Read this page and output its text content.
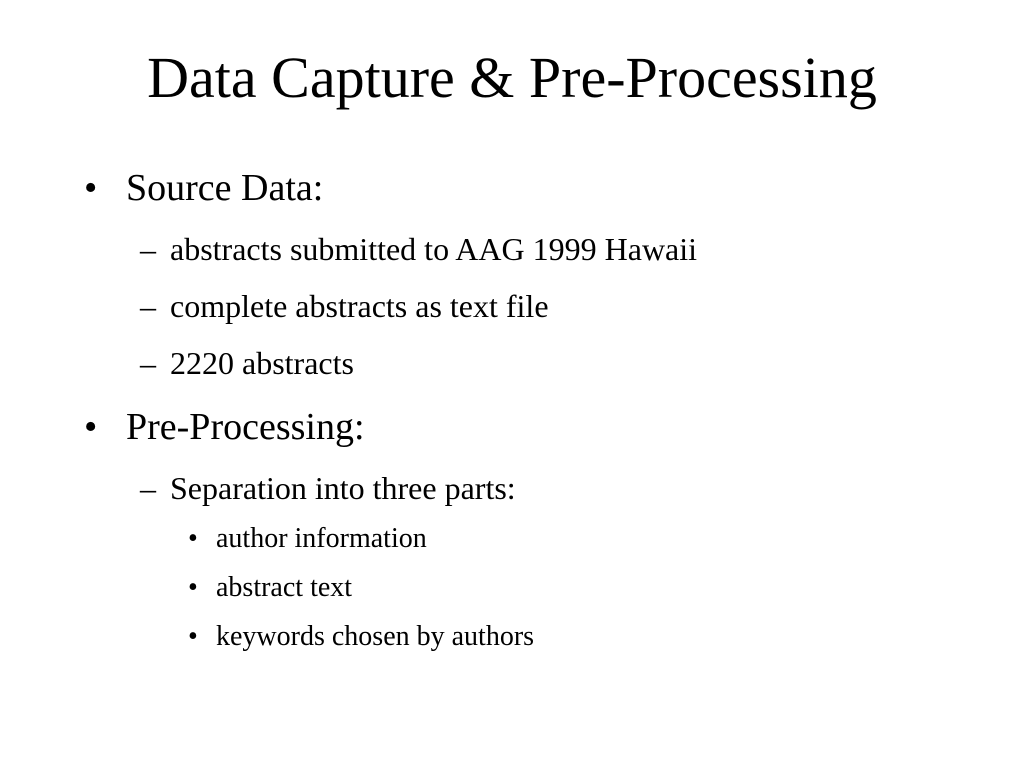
Data Capture & Pre-Processing
• Source Data:
– abstracts submitted to AAG 1999 Hawaii
– complete abstracts as text file
– 2220 abstracts
• Pre-Processing:
– Separation into three parts:
• author information
• abstract text
• keywords chosen by authors
